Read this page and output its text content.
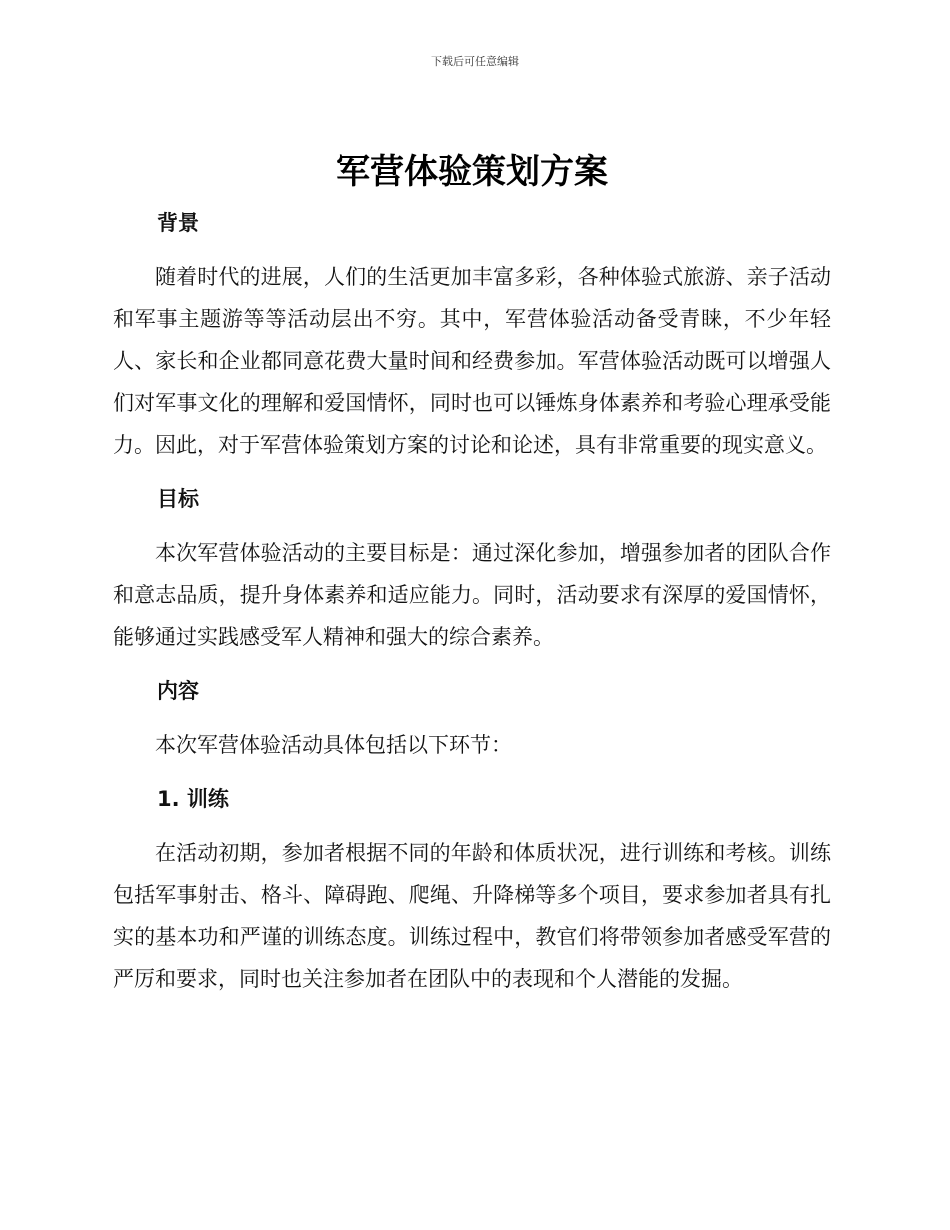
下载后可任意编辑
军营体验策划方案
背景

随着时代的进展，人们的生活更加丰富多彩，各种体验式旅游、亲子活动和军事主题游等等活动层出不穷。其中，军营体验活动备受青睐，不少年轻人、家长和企业都同意花费大量时间和经费参加。军营体验活动既可以增强人们对军事文化的理解和爱国情怀，同时也可以锤炼身体素养和考验心理承受能力。因此，对于军营体验策划方案的讨论和论述，具有非常重要的现实意义。

目标

本次军营体验活动的主要目标是：通过深化参加，增强参加者的团队合作和意志品质，提升身体素养和适应能力。同时，活动要求有深厚的爱国情怀，能够通过实践感受军人精神和强大的综合素养。

内容

本次军营体验活动具体包括以下环节：

1. 训练

在活动初期，参加者根据不同的年龄和体质状况，进行训练和考核。训练包括军事射击、格斗、障碍跑、爬绳、升降梯等多个项目，要求参加者具有扎实的基本功和严谨的训练态度。训练过程中，教官们将带领参加者感受军营的严厉和要求，同时也关注参加者在团队中的表现和个人潜能的发掘。
